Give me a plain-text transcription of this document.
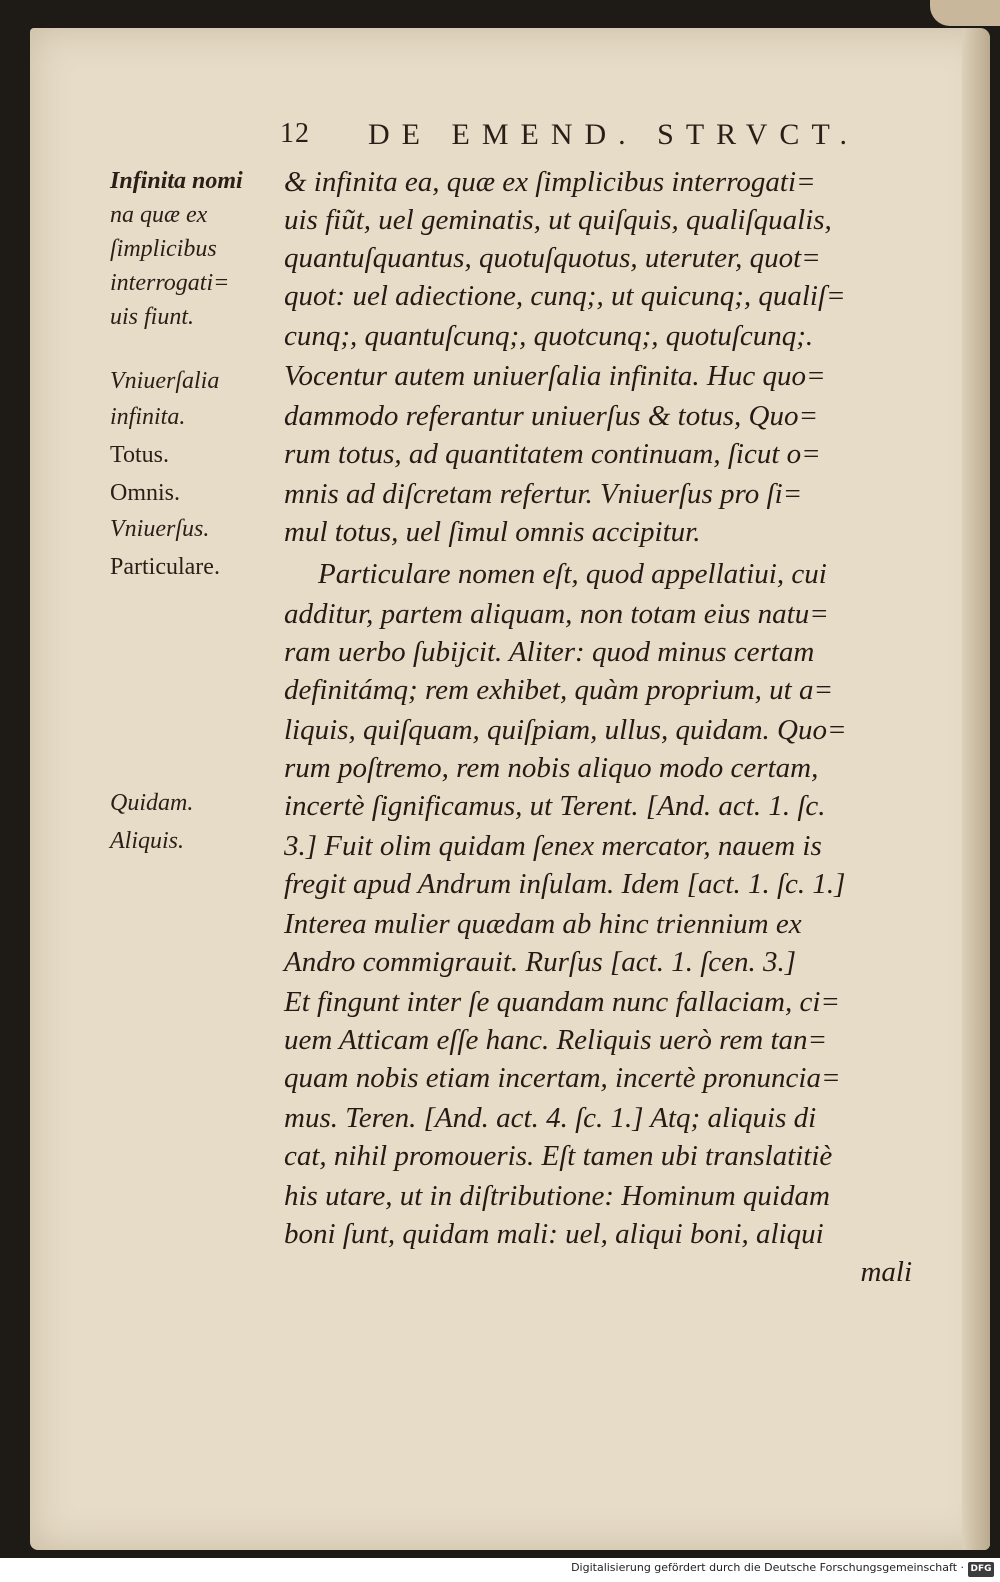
12 DE EMEND. STRVCT.
Infinita nomi
na quæ ex
ſimplicibus
interrogati=
uis fiunt.
Vniuerſalia
infinita.
Totus.
Omnis.
Vniuerſus.
Particulare.
Quidam.
Aliquis.
& infinita ea, quæ ex ſimplicibus interrogati=
uis fiũt, uel geminatis, ut quiſquis, qualiſqualis,
quantuſquantus, quotuſquotus, uteruter, quot=
quot: uel adiectione, cunq;, ut quicunq;, qualiſ=
cunq;, quantuſcunq;, quotcunq;, quotuſcunq;.
Vocentur autem uniuerſalia infinita. Huc quo=
dammodo referantur uniuerſus & totus, Quo=
rum totus, ad quantitatem continuam, ſicut o=
mnis ad diſcretam refertur. Vniuerſus pro ſi=
mul totus, uel ſimul omnis accipitur.
Particulare nomen eſt, quod appellatiui, cui
additur, partem aliquam, non totam eius natu=
ram uerbo ſubijcit. Aliter: quod minus certam
definitámq; rem exhibet, quàm proprium, ut a=
liquis, quiſquam, quiſpiam, ullus, quidam. Quo=
rum poſtremo, rem nobis aliquo modo certam,
incertè ſignificamus, ut Terent. [And. act. 1. ſc.
3.] Fuit olim quidam ſenex mercator, nauem is
fregit apud Andrum inſulam. Idem [act. 1. ſc. 1.]
Interea mulier quædam ab hinc triennium ex
Andro commigrauit. Rurſus [act. 1. ſcen. 3.]
Et fingunt inter ſe quandam nunc fallaciam, ci=
uem Atticam eſſe hanc. Reliquis uerò rem tan=
quam nobis etiam incertam, incertè pronuncia=
mus. Teren. [And. act. 4. ſc. 1.] Atq; aliquis di
cat, nihil promoueris. Eſt tamen ubi translatitiè
his utare, ut in diſtributione: Hominum quidam
boni ſunt, quidam mali: uel, aliqui boni, aliqui
mali
Digitalisierung gefördert durch die Deutsche Forschungsgemeinschaft · DFG
